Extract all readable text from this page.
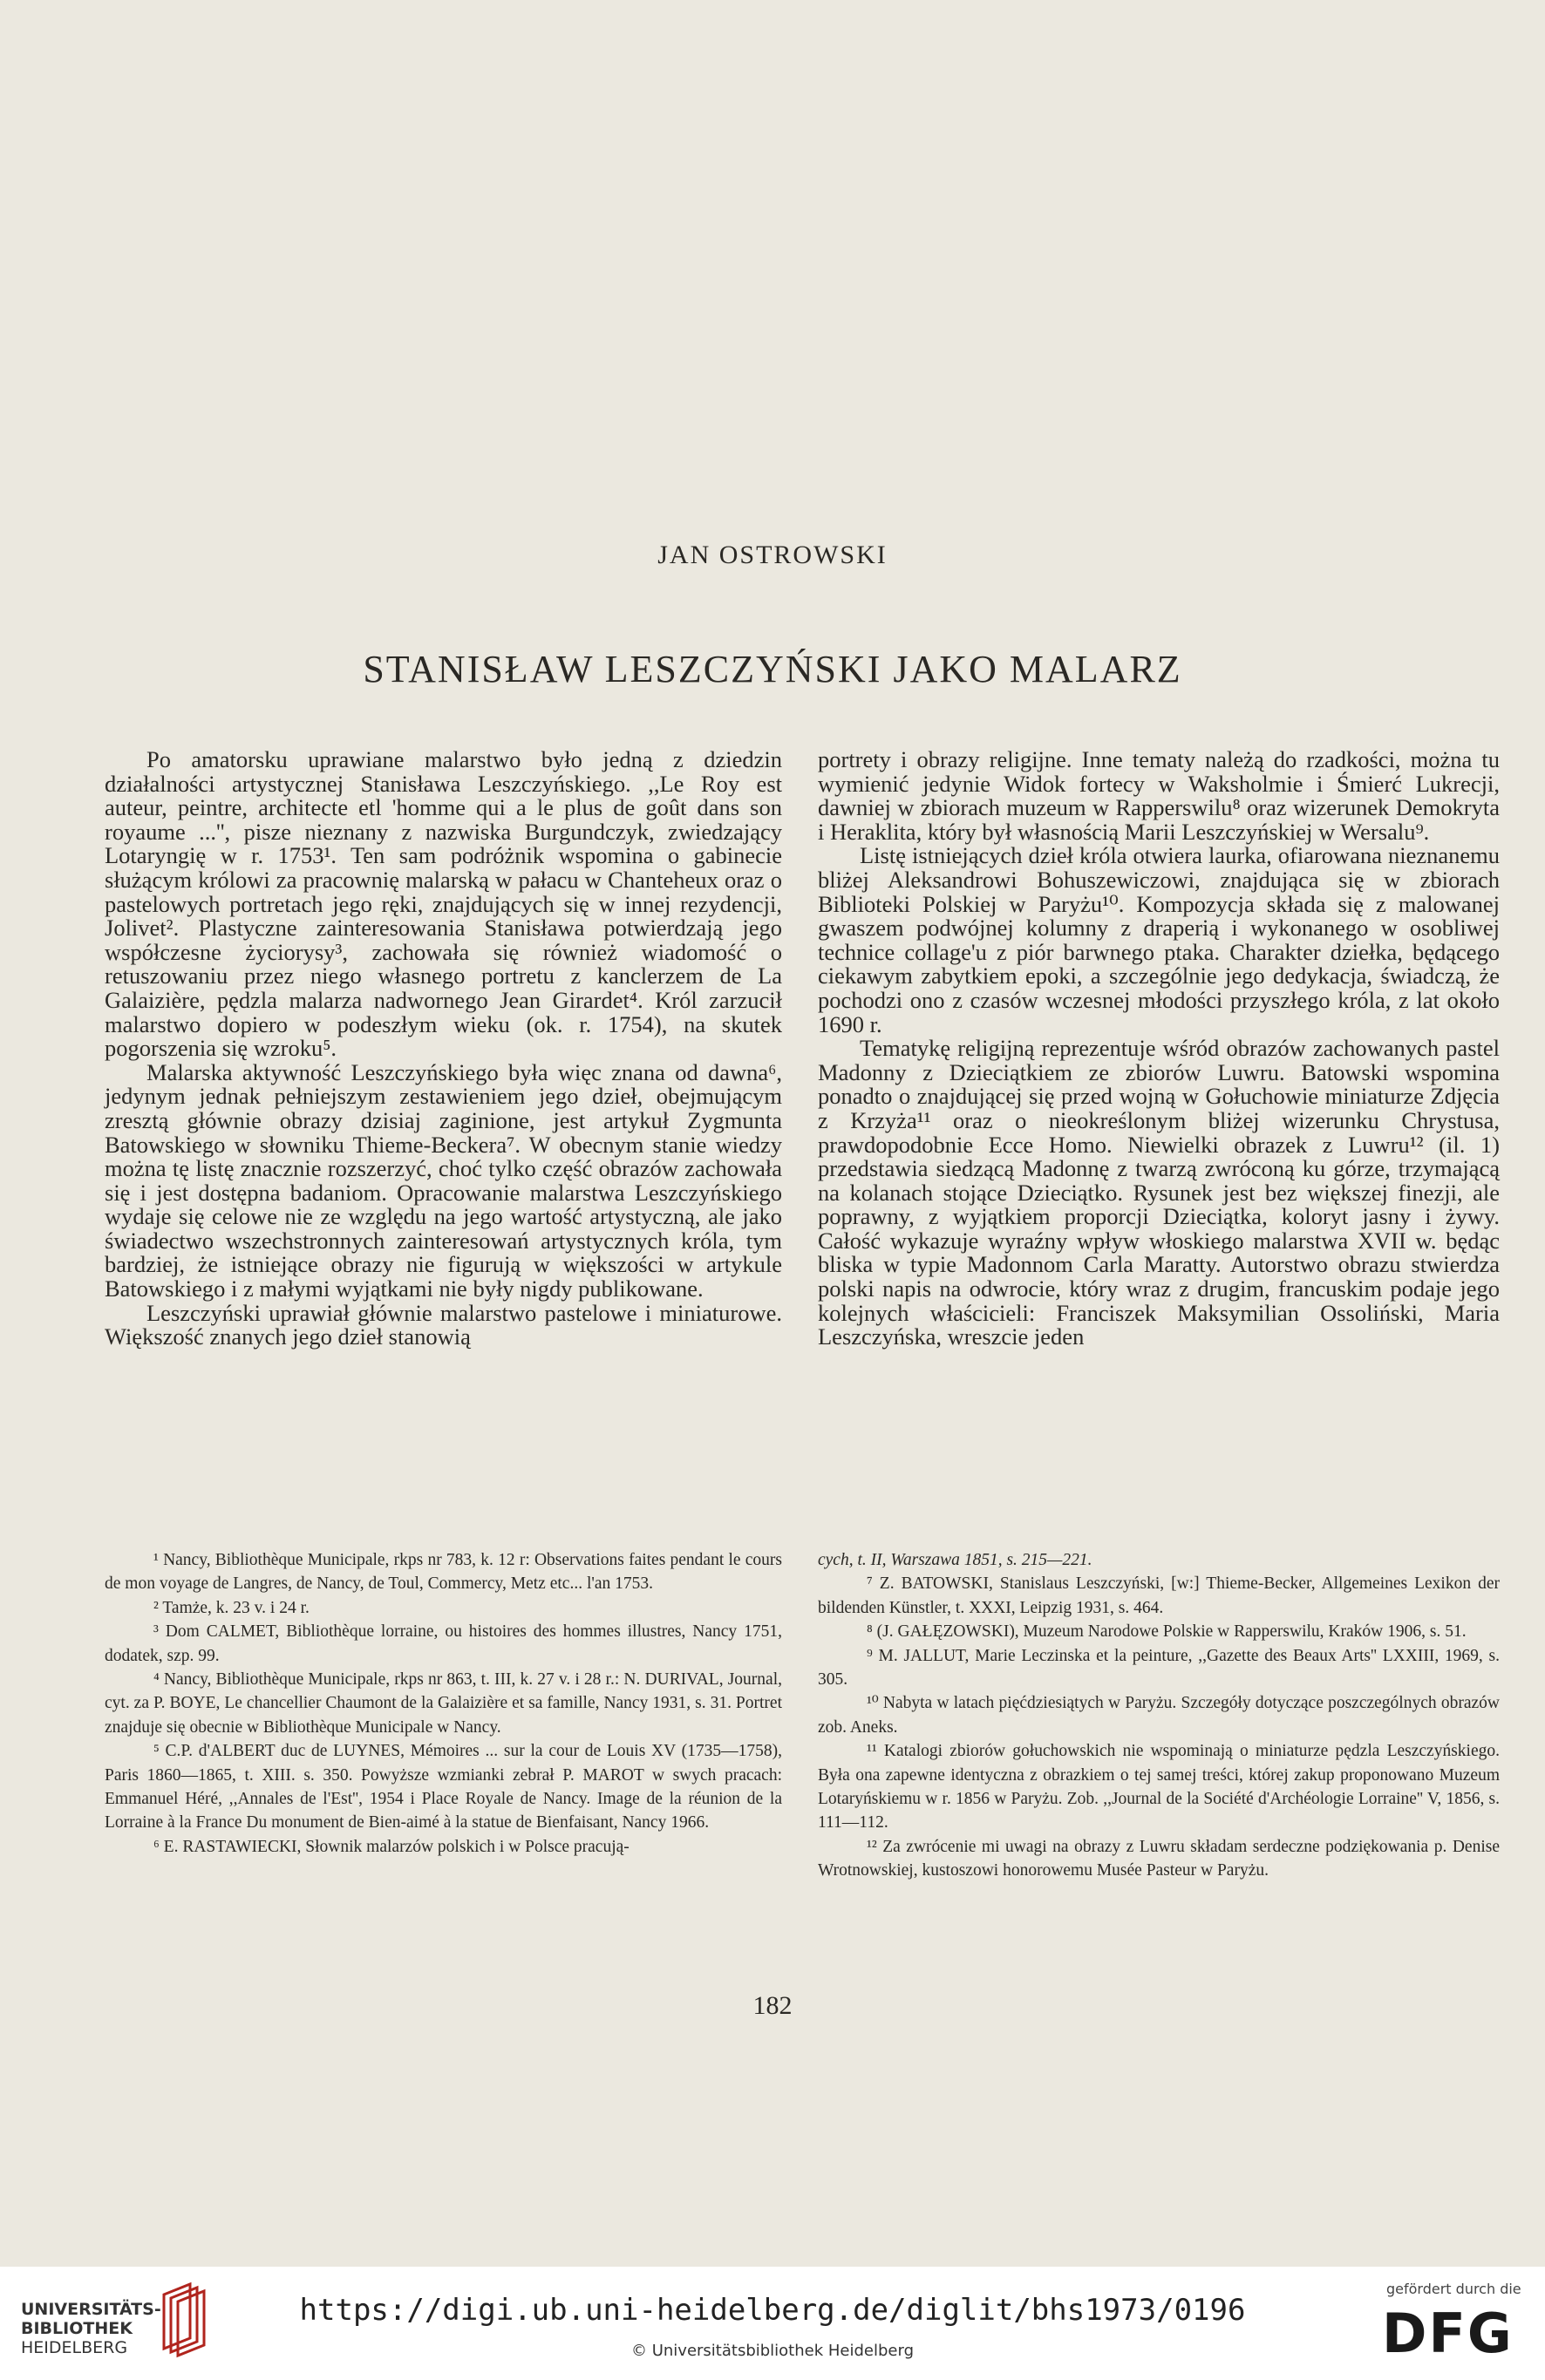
JAN OSTROWSKI
STANISŁAW LESZCZYŃSKI JAKO MALARZ

Po amatorsku uprawiane malarstwo było jedną z dziedzin działalności artystycznej Stanisława Leszczyńskiego. ,,Le Roy est auteur, peintre, architecte etl 'homme qui a le plus de goût dans son royaume ...'', pisze nieznany z nazwiska Burgundczyk, zwiedzający Lotaryngię w r. 1753¹. Ten sam podróżnik wspomina o gabinecie służącym królowi za pracownię malarską w pałacu w Chanteheux oraz o pastelowych portretach jego ręki, znajdujących się w innej rezydencji, Jolivet². Plastyczne zainteresowania Stanisława potwierdzają jego współczesne życiorysy³, zachowała się również wiadomość o retuszowaniu przez niego własnego portretu z kanclerzem de La Galaizière, pędzla malarza nadwornego Jean Girardet⁴. Król zarzucił malarstwo dopiero w podeszłym wieku (ok. r. 1754), na skutek pogorszenia się wzroku⁵.

Malarska aktywność Leszczyńskiego była więc znana od dawna⁶, jedynym jednak pełniejszym zestawieniem jego dzieł, obejmującym zresztą głównie obrazy dzisiaj zaginione, jest artykuł Zygmunta Batowskiego w słowniku Thieme-Beckera⁷. W obecnym stanie wiedzy można tę listę znacznie rozszerzyć, choć tylko część obrazów zachowała się i jest dostępna badaniom. Opracowanie malarstwa Leszczyńskiego wydaje się celowe nie ze względu na jego wartość artystyczną, ale jako świadectwo wszechstronnych zainteresowań artystycznych króla, tym bardziej, że istniejące obrazy nie figurują w większości w artykule Batowskiego i z małymi wyjątkami nie były nigdy publikowane.

Leszczyński uprawiał głównie malarstwo pastelowe i miniaturowe. Większość znanych jego dzieł stanowią

portrety i obrazy religijne. Inne tematy należą do rzadkości, można tu wymienić jedynie Widok fortecy w Waksholmie i Śmierć Lukrecji, dawniej w zbiorach muzeum w Rapperswilu⁸ oraz wizerunek Demokryta i Heraklita, który był własnością Marii Leszczyńskiej w Wersalu⁹.

Listę istniejących dzieł króla otwiera laurka, ofiarowana nieznanemu bliżej Aleksandrowi Bohuszewiczowi, znajdująca się w zbiorach Biblioteki Polskiej w Paryżu¹⁰. Kompozycja składa się z malowanej gwaszem podwójnej kolumny z draperią i wykonanego w osobliwej technice collage'u z piór barwnego ptaka. Charakter dziełka, będącego ciekawym zabytkiem epoki, a szczególnie jego dedykacja, świadczą, że pochodzi ono z czasów wczesnej młodości przyszłego króla, z lat około 1690 r.

Tematykę religijną reprezentuje wśród obrazów zachowanych pastel Madonny z Dzieciątkiem ze zbiorów Luwru. Batowski wspomina ponadto o znajdującej się przed wojną w Gołuchowie miniaturze Zdjęcia z Krzyża¹¹ oraz o nieokreślonym bliżej wizerunku Chrystusa, prawdopodobnie Ecce Homo. Niewielki obrazek z Luwru¹² (il. 1) przedstawia siedzącą Madonnę z twarzą zwróconą ku górze, trzymającą na kolanach stojące Dzieciątko. Rysunek jest bez większej finezji, ale poprawny, z wyjątkiem proporcji Dzieciątka, koloryt jasny i żywy. Całość wykazuje wyraźny wpływ włoskiego malarstwa XVII w. będąc bliska w typie Madonnom Carla Maratty. Autorstwo obrazu stwierdza polski napis na odwrocie, który wraz z drugim, francuskim podaje jego kolejnych właścicieli: Franciszek Maksymilian Ossoliński, Maria Leszczyńska, wreszcie jeden

¹ Nancy, Bibliothèque Municipale, rkps nr 783, k. 12 r: Observations faites pendant le cours de mon voyage de Langres, de Nancy, de Toul, Commercy, Metz etc... l'an 1753.

² Tamże, k. 23 v. i 24 r.

³ Dom CALMET, Bibliothèque lorraine, ou histoires des hommes illustres, Nancy 1751, dodatek, szp. 99.

⁴ Nancy, Bibliothèque Municipale, rkps nr 863, t. III, k. 27 v. i 28 r.: N. DURIVAL, Journal, cyt. za P. BOYE, Le chancellier Chaumont de la Galaizière et sa famille, Nancy 1931, s. 31. Portret znajduje się obecnie w Bibliothèque Municipale w Nancy.

⁵ C.P. d'ALBERT duc de LUYNES, Mémoires ... sur la cour de Louis XV (1735—1758), Paris 1860—1865, t. XIII. s. 350. Powyższe wzmianki zebrał P. MAROT w swych pracach: Emmanuel Héré, ,,Annales de l'Est'', 1954 i Place Royale de Nancy. Image de la réunion de la Lorraine à la France Du monument de Bien-aimé à la statue de Bienfaisant, Nancy 1966.

⁶ E. RASTAWIECKI, Słownik malarzów polskich i w Polsce pracują-

cych, t. II, Warszawa 1851, s. 215—221.

⁷ Z. BATOWSKI, Stanislaus Leszczyński, [w:] Thieme-Becker, Allgemeines Lexikon der bildenden Künstler, t. XXXI, Leipzig 1931, s. 464.

⁸ (J. GAŁĘZOWSKI), Muzeum Narodowe Polskie w Rapperswilu, Kraków 1906, s. 51.

⁹ M. JALLUT, Marie Leczinska et la peinture, ,,Gazette des Beaux Arts'' LXXIII, 1969, s. 305.

¹⁰ Nabyta w latach pięćdziesiątych w Paryżu. Szczegóły dotyczące poszczególnych obrazów zob. Aneks.

¹¹ Katalogi zbiorów gołuchowskich nie wspominają o miniaturze pędzla Leszczyńskiego. Była ona zapewne identyczna z obrazkiem o tej samej treści, której zakup proponowano Muzeum Lotaryńskiemu w r. 1856 w Paryżu. Zob. ,,Journal de la Société d'Archéologie Lorraine'' V, 1856, s. 111—112.

¹² Za zwrócenie mi uwagi na obrazy z Luwru składam serdeczne podziękowania p. Denise Wrotnowskiej, kustoszowi honorowemu Musée Pasteur w Paryżu.

182
UNIVERSITÄTS-
BIBLIOTHEK
HEIDELBERG
https://digi.ub.uni-heidelberg.de/diglit/bhs1973/0196
© Universitätsbibliothek Heidelberg
gefördert durch die
DFG
